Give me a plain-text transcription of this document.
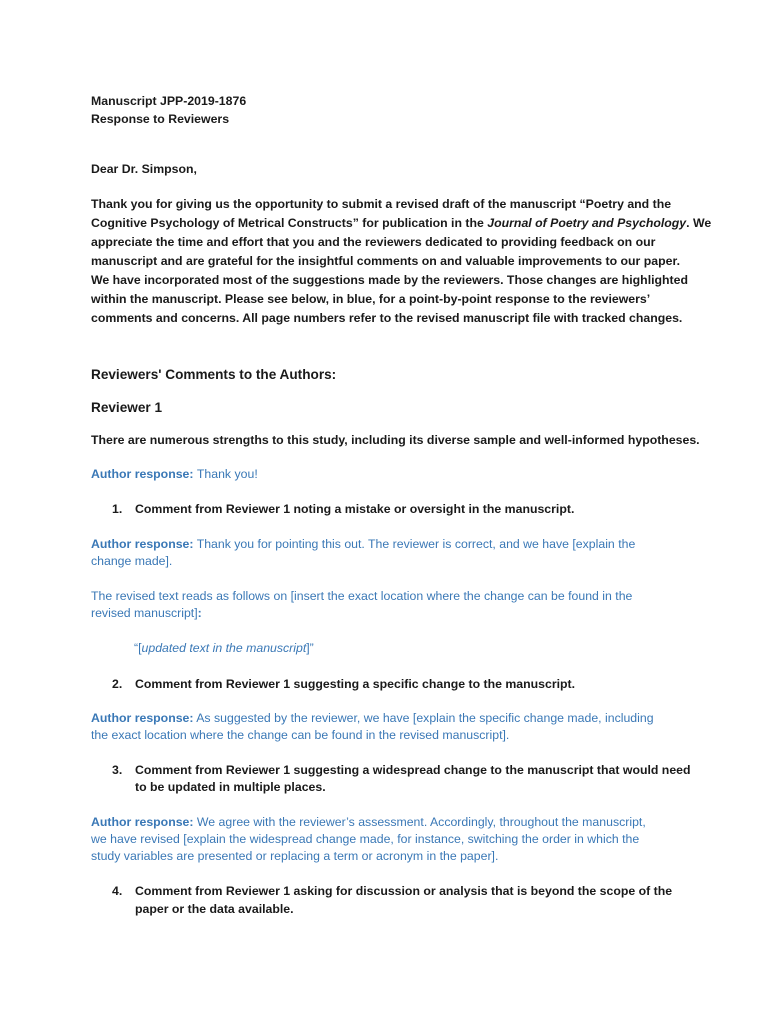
Manuscript JPP-2019-1876
Response to Reviewers
Dear Dr. Simpson,
Thank you for giving us the opportunity to submit a revised draft of the manuscript “Poetry and the
Cognitive Psychology of Metrical Constructs” for publication in the Journal of Poetry and Psychology. We
appreciate the time and effort that you and the reviewers dedicated to providing feedback on our
manuscript and are grateful for the insightful comments on and valuable improvements to our paper.
We have incorporated most of the suggestions made by the reviewers. Those changes are highlighted
within the manuscript. Please see below, in blue, for a point-by-point response to the reviewers’
comments and concerns. All page numbers refer to the revised manuscript file with tracked changes.
Reviewers' Comments to the Authors:
Reviewer 1
There are numerous strengths to this study, including its diverse sample and well-informed hypotheses.
Author response: Thank you!
1. Comment from Reviewer 1 noting a mistake or oversight in the manuscript.
Author response: Thank you for pointing this out. The reviewer is correct, and we have [explain the
change made].
The revised text reads as follows on [insert the exact location where the change can be found in the
revised manuscript]:
“[updated text in the manuscript]”
2. Comment from Reviewer 1 suggesting a specific change to the manuscript.
Author response: As suggested by the reviewer, we have [explain the specific change made, including
the exact location where the change can be found in the revised manuscript].
3. Comment from Reviewer 1 suggesting a widespread change to the manuscript that would need
to be updated in multiple places.
Author response: We agree with the reviewer’s assessment. Accordingly, throughout the manuscript,
we have revised [explain the widespread change made, for instance, switching the order in which the
study variables are presented or replacing a term or acronym in the paper].
4. Comment from Reviewer 1 asking for discussion or analysis that is beyond the scope of the
paper or the data available.
